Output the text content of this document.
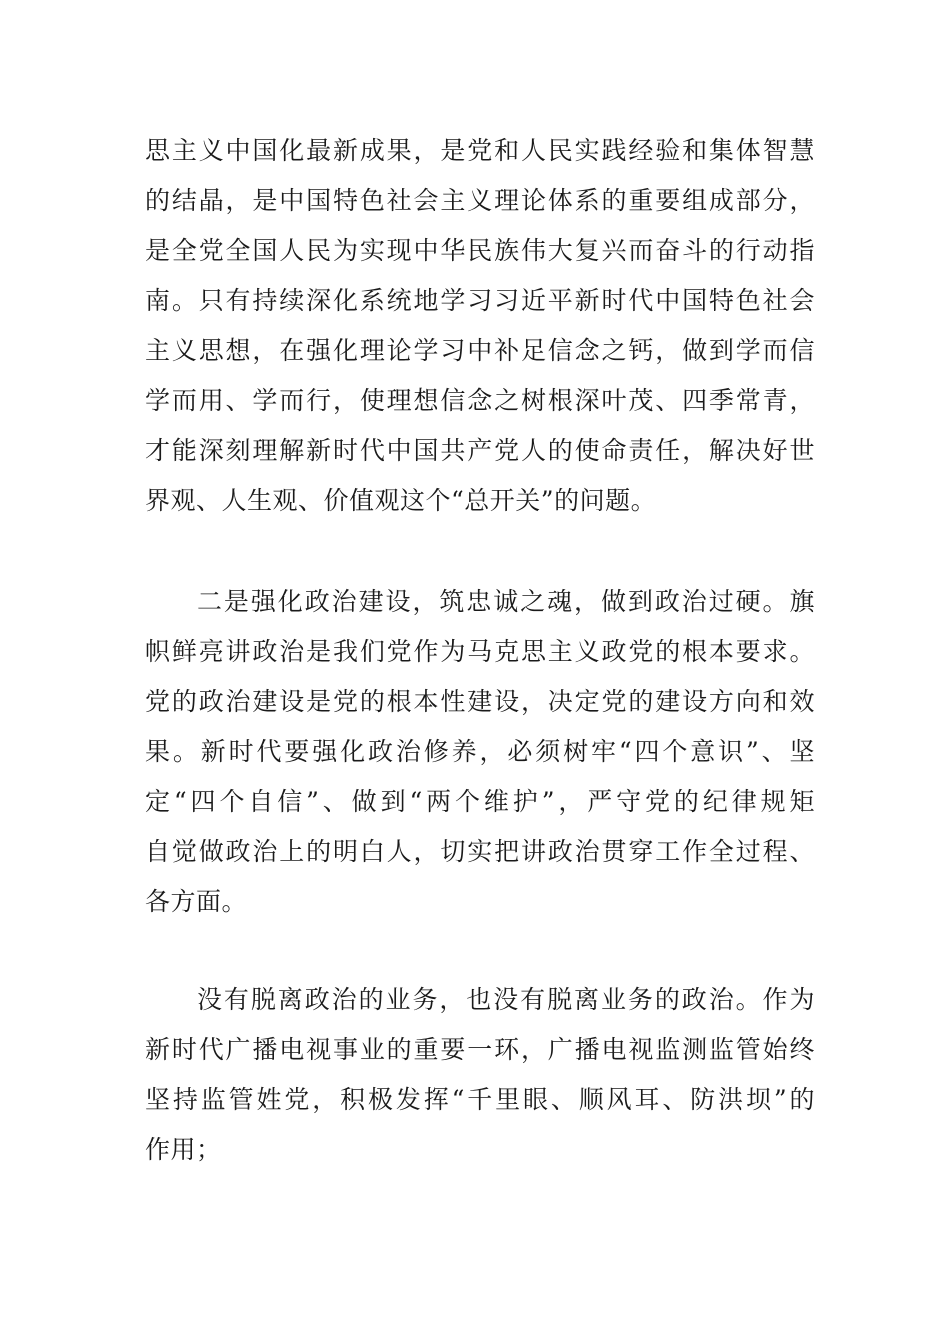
思主义中国化最新成果，是党和人民实践经验和集体智慧
的结晶，是中国特色社会主义理论体系的重要组成部分，
是全党全国人民为实现中华民族伟大复兴而奋斗的行动指
南。只有持续深化系统地学习习近平新时代中国特色社会
主义思想，在强化理论学习中补足信念之钙，做到学而信
学而用、学而行，使理想信念之树根深叶茂、四季常青，
才能深刻理解新时代中国共产党人的使命责任，解决好世
界观、人生观、价值观这个“总开关”的问题。
二是强化政治建设，筑忠诚之魂，做到政治过硬。旗
帜鲜亮讲政治是我们党作为马克思主义政党的根本要求。
党的政治建设是党的根本性建设，决定党的建设方向和效
果。新时代要强化政治修养，必须树牢“四个意识”、坚
定“四个自信”、做到“两个维护”，严守党的纪律规矩
自觉做政治上的明白人，切实把讲政治贯穿工作全过程、
各方面。
没有脱离政治的业务，也没有脱离业务的政治。作为
新时代广播电视事业的重要一环，广播电视监测监管始终
坚持监管姓党，积极发挥“千里眼、顺风耳、防洪坝”的
作用；
